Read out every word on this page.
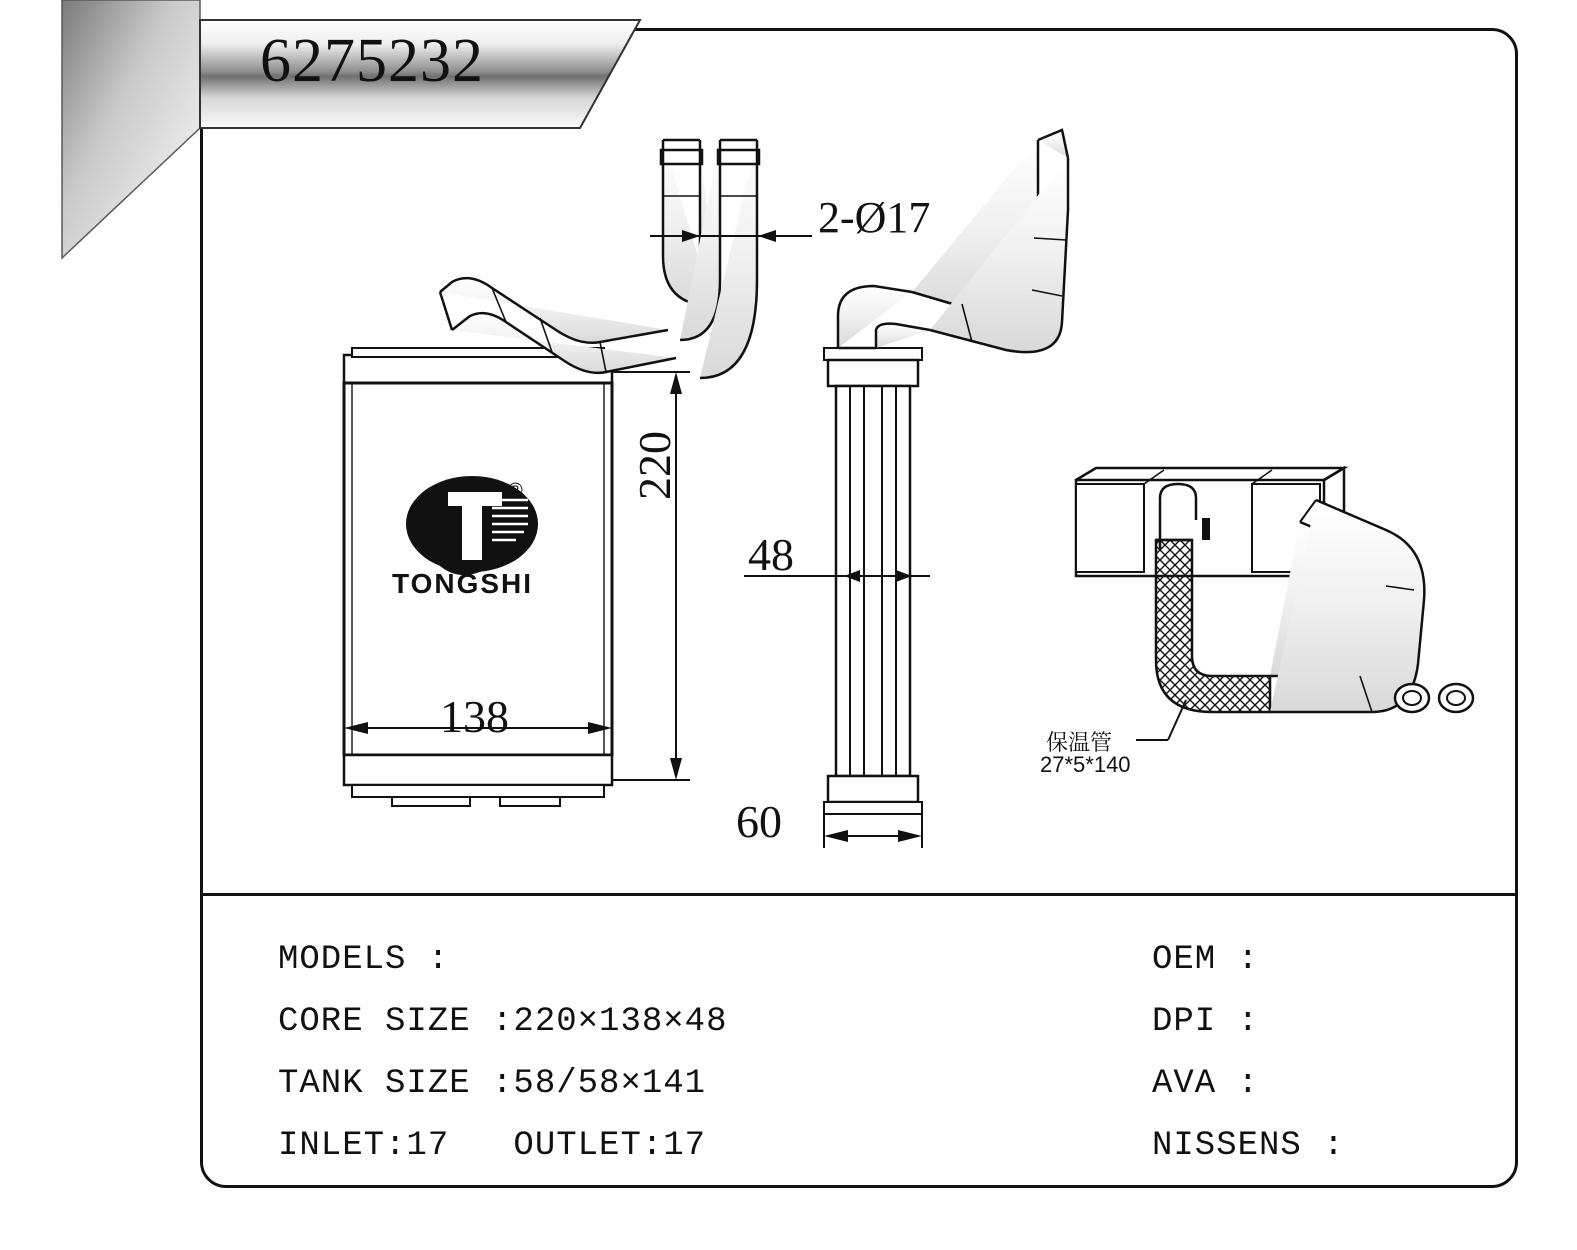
6275232
2-Ø17
220
138
48
60
保温管
27*5*140
®
TONGSHI
MODELS :
CORE SIZE :220×138×48
TANK SIZE :58/58×141
INLET:17   OUTLET:17
OEM :
DPI :
AVA :
NISSENS :
